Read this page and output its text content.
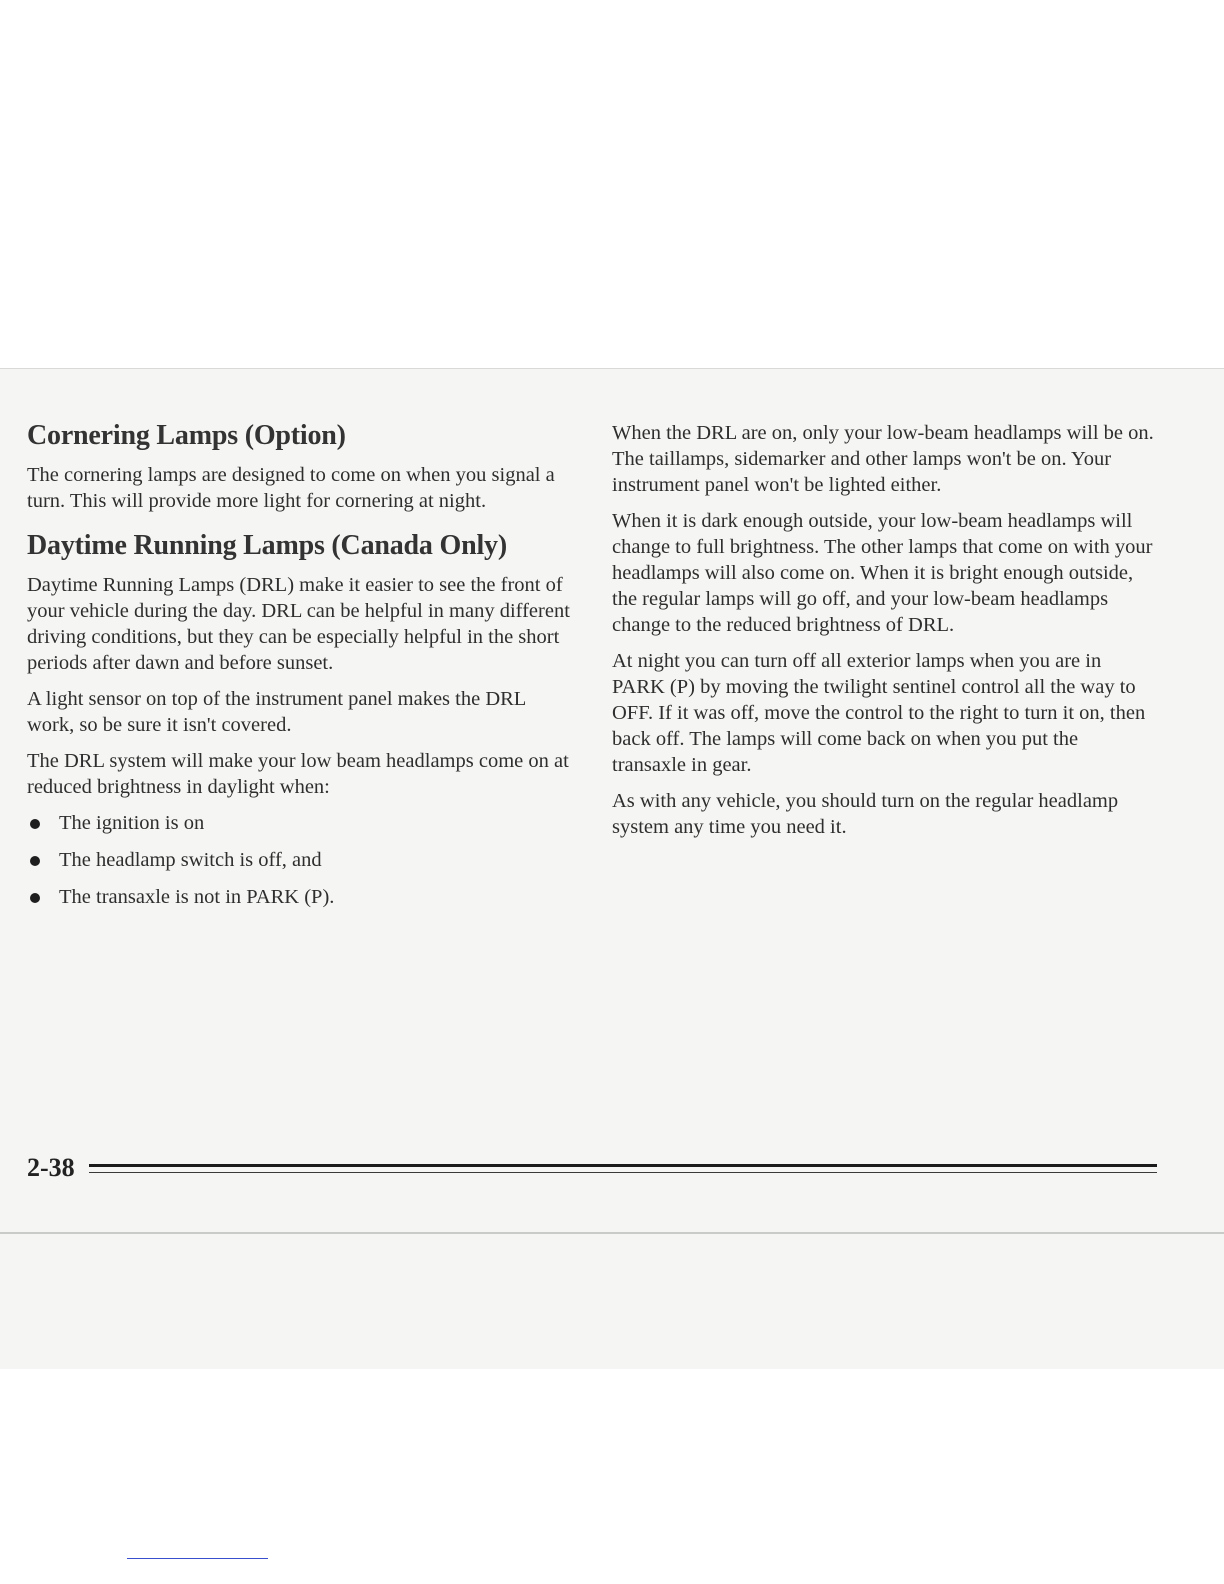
Cornering Lamps (Option)

The cornering lamps are designed to come on when you signal a turn. This will provide more light for cornering at night.

Daytime Running Lamps (Canada Only)

Daytime Running Lamps (DRL) make it easier to see the front of your vehicle during the day. DRL can be helpful in many different driving conditions, but they can be especially helpful in the short periods after dawn and before sunset.

A light sensor on top of the instrument panel makes the DRL work, so be sure it isn't covered.

The DRL system will make your low beam headlamps come on at reduced brightness in daylight when:

The ignition is on
The headlamp switch is off, and
The transaxle is not in PARK (P).

When the DRL are on, only your low-beam headlamps will be on. The taillamps, sidemarker and other lamps won't be on. Your instrument panel won't be lighted either.

When it is dark enough outside, your low-beam headlamps will change to full brightness. The other lamps that come on with your headlamps will also come on. When it is bright enough outside, the regular lamps will go off, and your low-beam headlamps change to the reduced brightness of DRL.

At night you can turn off all exterior lamps when you are in PARK (P) by moving the twilight sentinel control all the way to OFF. If it was off, move the control to the right to turn it on, then back off. The lamps will come back on when you put the transaxle in gear.

As with any vehicle, you should turn on the regular headlamp system any time you need it.

2-38
